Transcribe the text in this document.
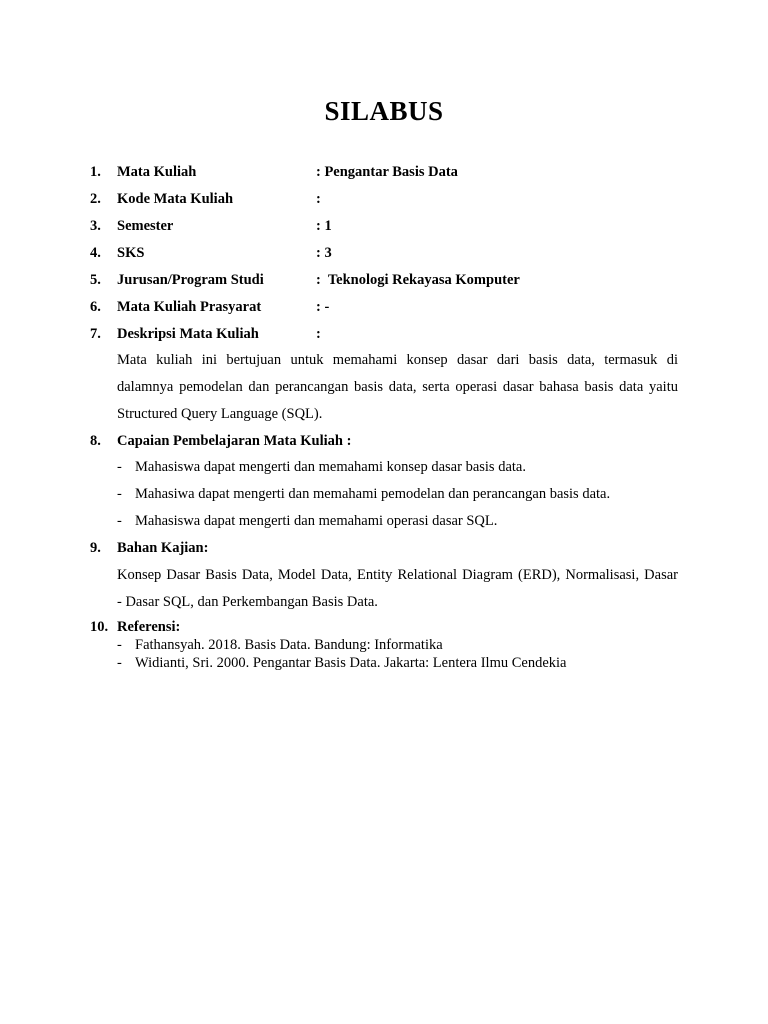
SILABUS
1. Mata Kuliah	: Pengantar Basis Data
2. Kode Mata Kuliah	:
3. Semester	: 1
4. SKS	: 3
5. Jurusan/Program Studi	:  Teknologi Rekayasa Komputer
6. Mata Kuliah Prasyarat	: -
7. Deskripsi Mata Kuliah	:
Mata kuliah ini bertujuan untuk memahami konsep dasar dari basis data, termasuk di
dalamnya pemodelan dan perancangan basis data, serta operasi dasar bahasa basis data yaitu
Structured Query Language (SQL).
8. Capaian Pembelajaran Mata Kuliah :
- Mahasiswa dapat mengerti dan memahami konsep dasar basis data.
- Mahasiwa dapat mengerti dan memahami pemodelan dan perancangan basis data.
- Mahasiswa dapat mengerti dan memahami operasi dasar SQL.
9. Bahan Kajian:
Konsep Dasar Basis Data, Model Data, Entity Relational Diagram (ERD), Normalisasi, Dasar
- Dasar SQL, dan Perkembangan Basis Data.
10. Referensi:
- Fathansyah. 2018. Basis Data. Bandung: Informatika
- Widianti, Sri. 2000. Pengantar Basis Data. Jakarta: Lentera Ilmu Cendekia
